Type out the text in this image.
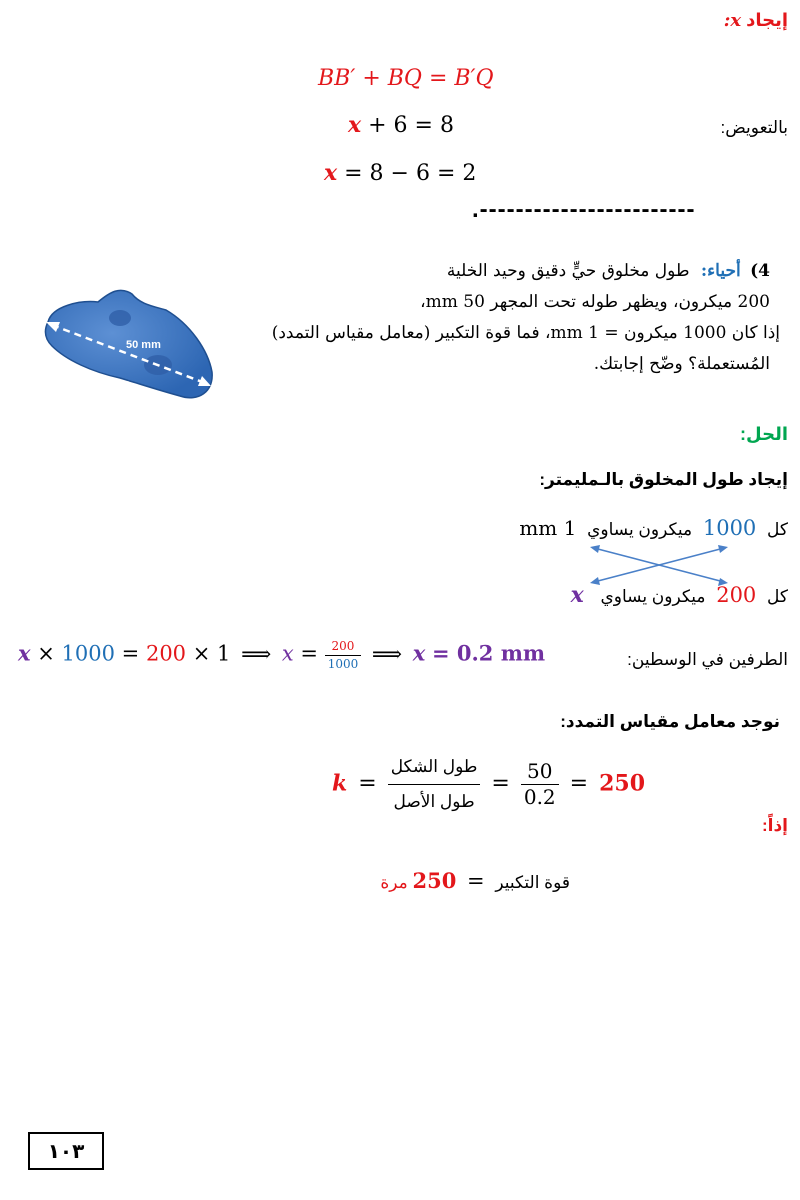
إيجاد x:
BB′ + BQ = B′Q
بالتعويض:
x + 6 = 8
x = 8 − 6 = 2
.------------------------
4) أحياء: طول مخلوق حيٍّ دقيق وحيد الخلية
200 ميكرون، ويظهر طوله تحت المجهر 50 mm،
إذا كان 1000 ميكرون = 1 mm، فما قوة التكبير (معامل مقياس التمدد)
المُستعملة؟ وضّح إجابتك.
50 mm
الحل:
إيجاد طول المخلوق بالـمليمتر:
كل 1000 ميكرون يساوي 1 mm
كل 200 ميكرون يساوي x
الطرفين في الوسطين:
x × 1000 = 200 × 1 ⟹ $x = \frac{200}{1000}$ ⟹ x = 0.2 mm
نوجد معامل مقياس التمدد:
$k = \frac{\text{طول الشكل}}{\text{طول الأصل}} = \frac{50}{0.2} = 250$
إذاً:
قوة التكبير = 250 مرة
١٠٣
